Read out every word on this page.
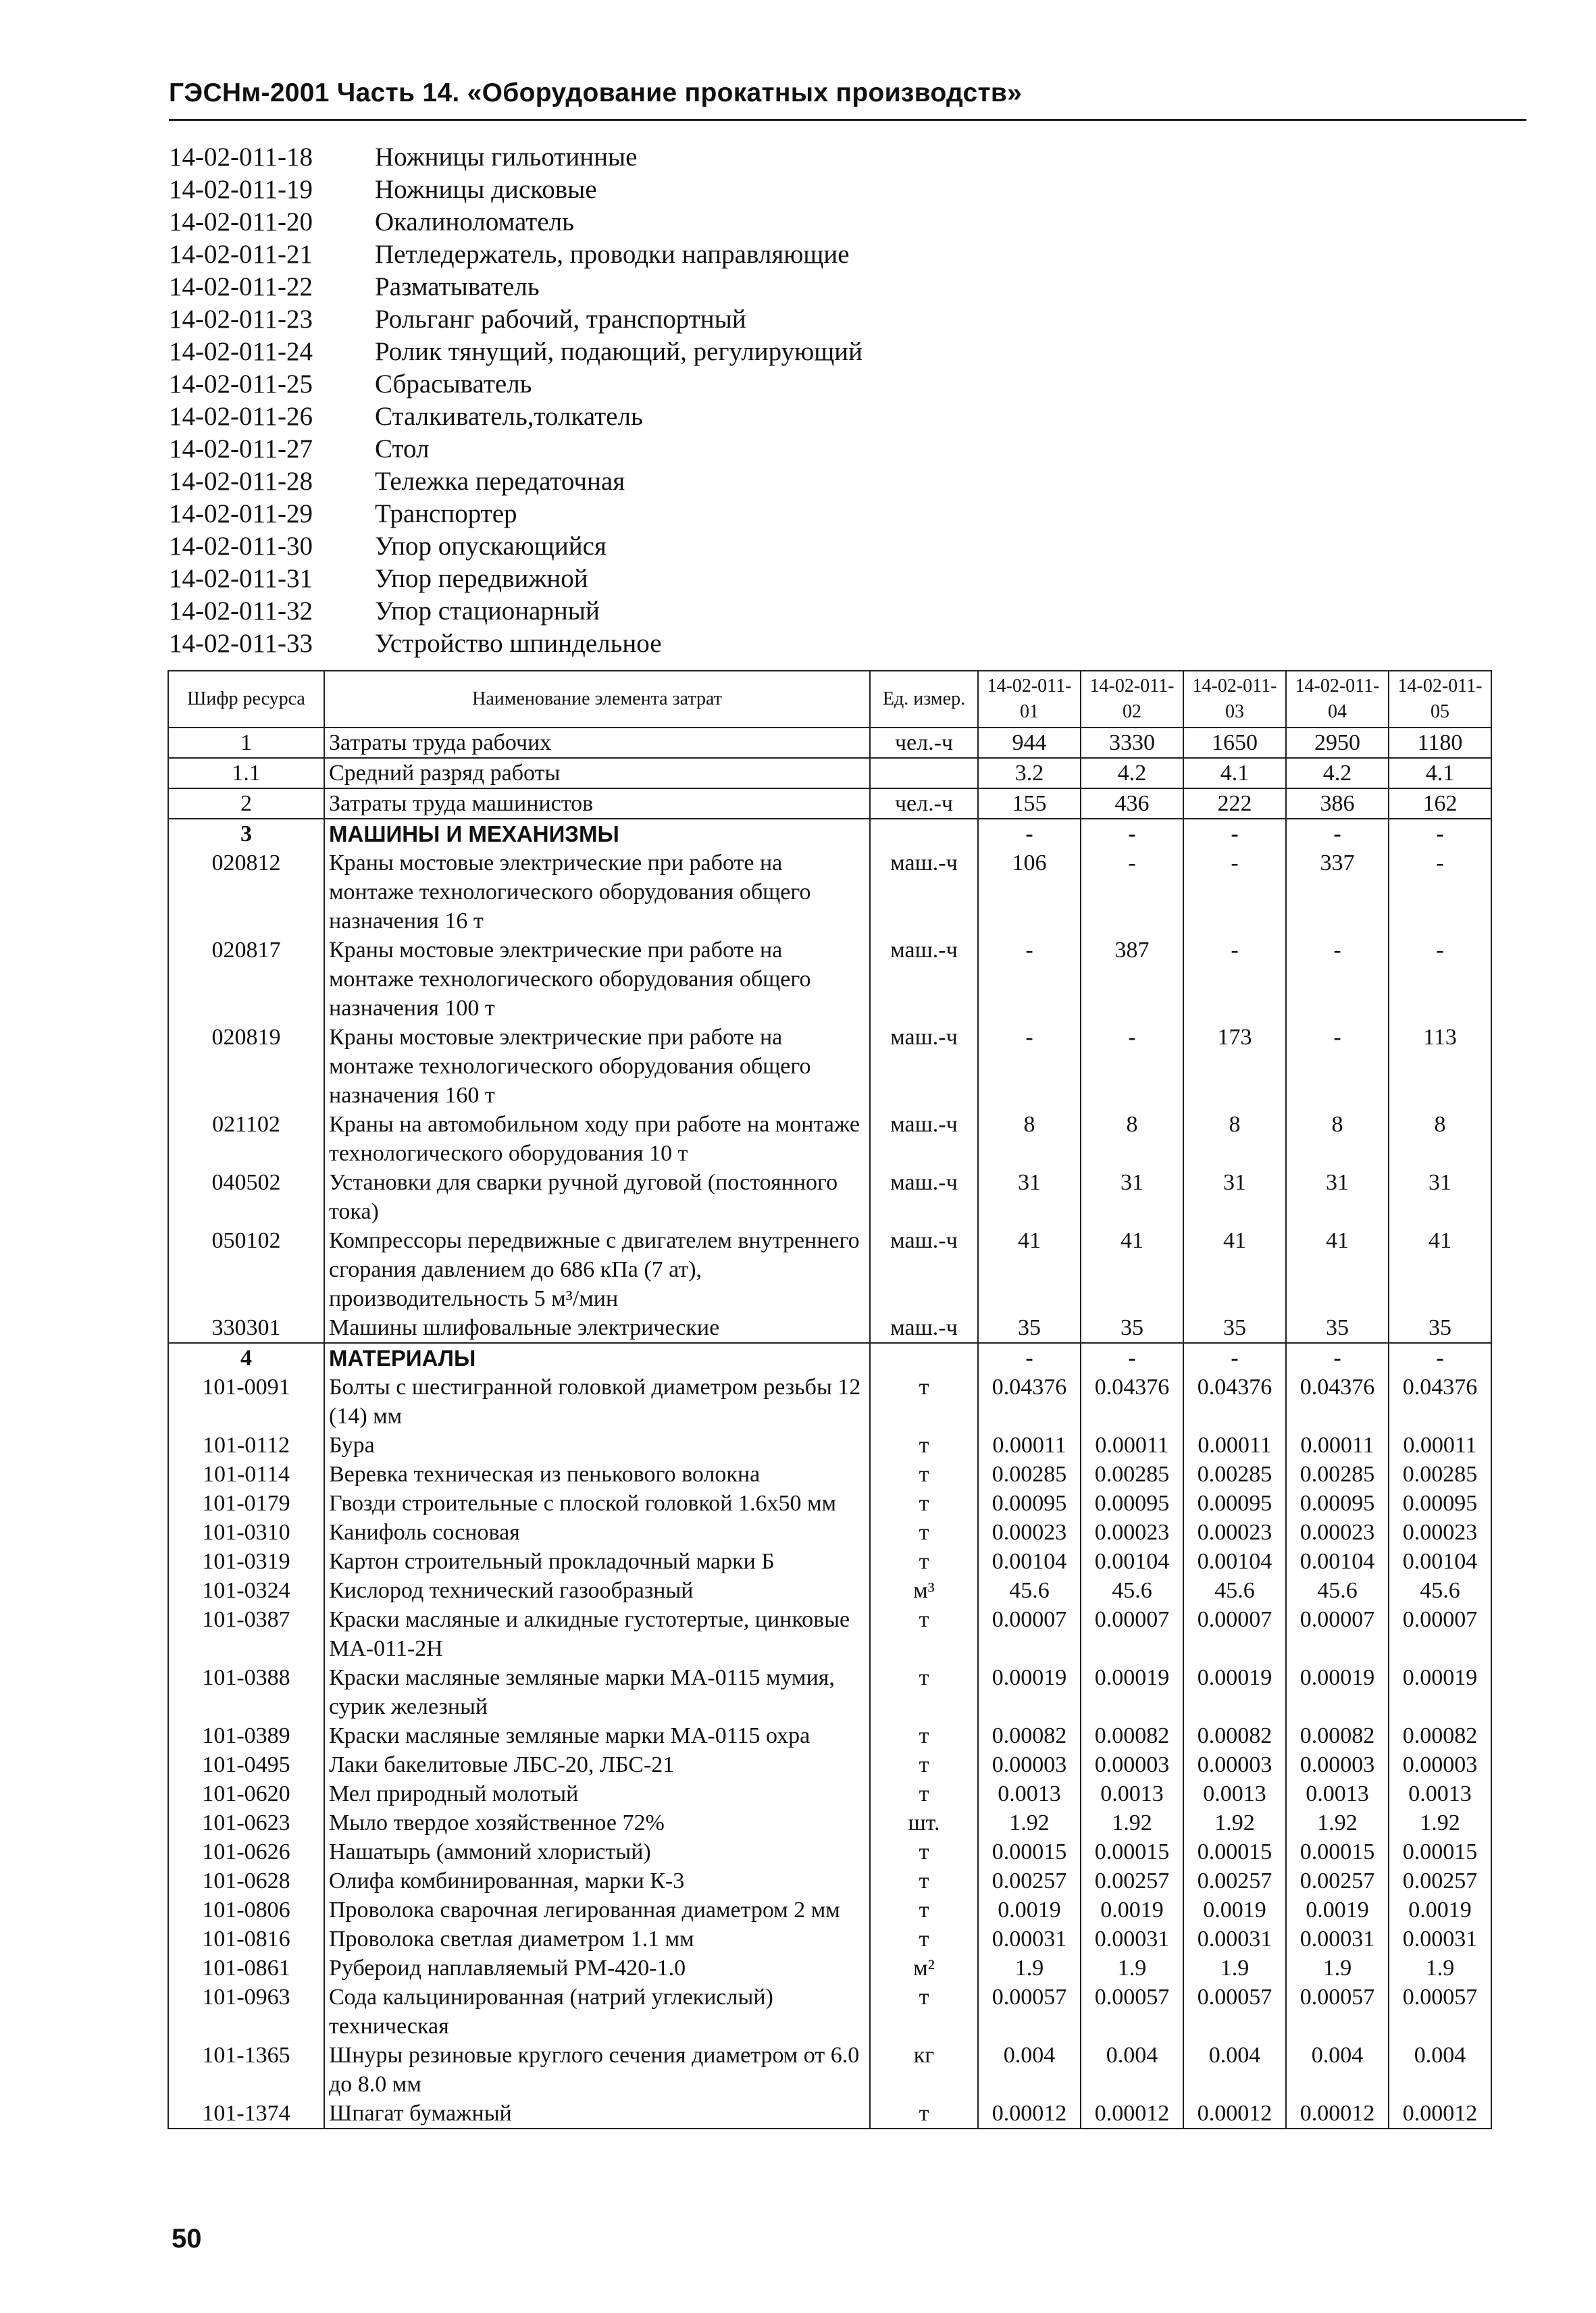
ГЭСНм-2001 Часть 14. «Оборудование прокатных производств»
14-02-011-18	Ножницы гильотинные
14-02-011-19	Ножницы дисковые
14-02-011-20	Окалиноломатель
14-02-011-21	Петледержатель, проводки направляющие
14-02-011-22	Разматыватель
14-02-011-23	Рольганг рабочий, транспортный
14-02-011-24	Ролик тянущий, подающий, регулирующий
14-02-011-25	Сбрасыватель
14-02-011-26	Сталкиватель,толкатель
14-02-011-27	Стол
14-02-011-28	Тележка передаточная
14-02-011-29	Транспортер
14-02-011-30	Упор опускающийся
14-02-011-31	Упор передвижной
14-02-011-32	Упор стационарный
14-02-011-33	Устройство шпиндельное
Шифр ресурса	Наименование элемента затрат	Ед. измер.	14-02-011-01	14-02-011-02	14-02-011-03	14-02-011-04	14-02-011-05
1	Затраты труда рабочих	чел.-ч	944	3330	1650	2950	1180
1.1	Средний разряд работы		3.2	4.2	4.1	4.2	4.1
2	Затраты труда машинистов	чел.-ч	155	436	222	386	162
3	МАШИНЫ И МЕХАНИЗМЫ		-	-	-	-	-
020812	Краны мостовые электрические при работе на монтаже технологического оборудования общего назначения 16 т	маш.-ч	106	-	-	337	-
020817	Краны мостовые электрические при работе на монтаже технологического оборудования общего назначения 100 т	маш.-ч	-	387	-	-	-
020819	Краны мостовые электрические при работе на монтаже технологического оборудования общего назначения 160 т	маш.-ч	-	-	173	-	113
021102	Краны на автомобильном ходу при работе на монтаже технологического оборудования 10 т	маш.-ч	8	8	8	8	8
040502	Установки для сварки ручной дуговой (постоянного тока)	маш.-ч	31	31	31	31	31
050102	Компрессоры передвижные с двигателем внутреннего сгорания давлением до 686 кПа (7 ат), производительность 5 м³/мин	маш.-ч	41	41	41	41	41
330301	Машины шлифовальные электрические	маш.-ч	35	35	35	35	35
4	МАТЕРИАЛЫ		-	-	-	-	-
101-0091	Болты с шестигранной головкой диаметром резьбы 12 (14) мм	т	0.04376	0.04376	0.04376	0.04376	0.04376
101-0112	Бура	т	0.00011	0.00011	0.00011	0.00011	0.00011
101-0114	Веревка техническая из пенькового волокна	т	0.00285	0.00285	0.00285	0.00285	0.00285
101-0179	Гвозди строительные с плоской головкой 1.6x50 мм	т	0.00095	0.00095	0.00095	0.00095	0.00095
101-0310	Канифоль сосновая	т	0.00023	0.00023	0.00023	0.00023	0.00023
101-0319	Картон строительный прокладочный марки Б	т	0.00104	0.00104	0.00104	0.00104	0.00104
101-0324	Кислород технический газообразный	м³	45.6	45.6	45.6	45.6	45.6
101-0387	Краски масляные и алкидные густотертые, цинковые МА-011-2Н	т	0.00007	0.00007	0.00007	0.00007	0.00007
101-0388	Краски масляные земляные марки МА-0115 мумия, сурик железный	т	0.00019	0.00019	0.00019	0.00019	0.00019
101-0389	Краски масляные земляные марки МА-0115 охра	т	0.00082	0.00082	0.00082	0.00082	0.00082
101-0495	Лаки бакелитовые ЛБС-20, ЛБС-21	т	0.00003	0.00003	0.00003	0.00003	0.00003
101-0620	Мел природный молотый	т	0.0013	0.0013	0.0013	0.0013	0.0013
101-0623	Мыло твердое хозяйственное 72%	шт.	1.92	1.92	1.92	1.92	1.92
101-0626	Нашатырь (аммоний хлористый)	т	0.00015	0.00015	0.00015	0.00015	0.00015
101-0628	Олифа комбинированная, марки К-3	т	0.00257	0.00257	0.00257	0.00257	0.00257
101-0806	Проволока сварочная легированная диаметром 2 мм	т	0.0019	0.0019	0.0019	0.0019	0.0019
101-0816	Проволока светлая диаметром 1.1 мм	т	0.00031	0.00031	0.00031	0.00031	0.00031
101-0861	Рубероид наплавляемый РМ-420-1.0	м²	1.9	1.9	1.9	1.9	1.9
101-0963	Сода кальцинированная (натрий углекислый) техническая	т	0.00057	0.00057	0.00057	0.00057	0.00057
101-1365	Шнуры резиновые круглого сечения диаметром от 6.0 до 8.0 мм	кг	0.004	0.004	0.004	0.004	0.004
101-1374	Шпагат бумажный	т	0.00012	0.00012	0.00012	0.00012	0.00012
50
